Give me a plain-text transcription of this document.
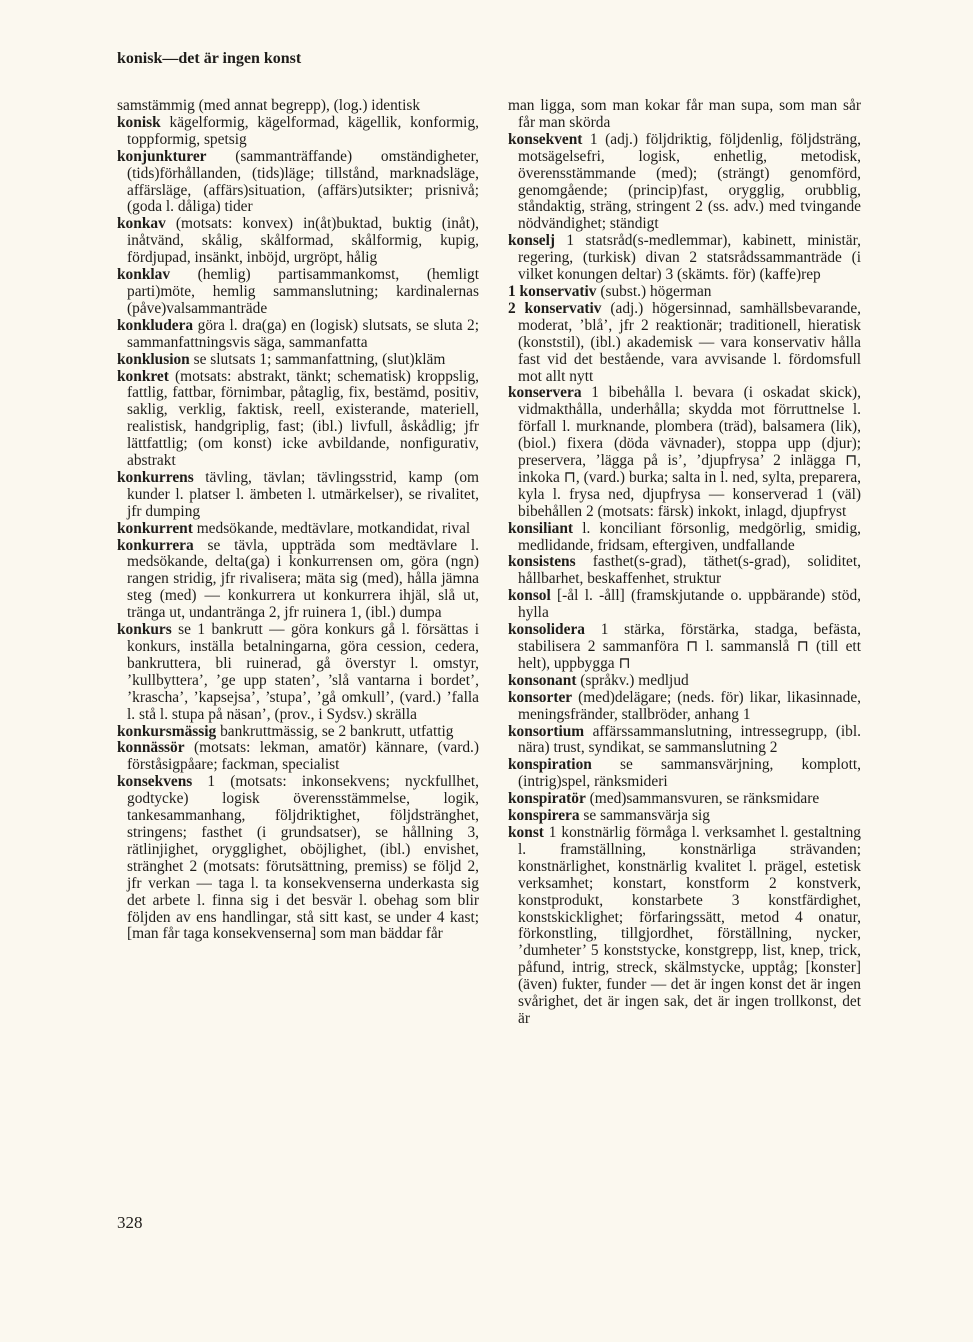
konisk—det är ingen konst

samstämmig (med annat begrepp), (log.) identisk

konisk kägelformig, kägelformad, kägellik, konformig, toppformig, spetsig

konjunkturer (sammanträffande) omständigheter, (tids)förhållanden, (tids)läge; tillstånd, marknadsläge, affärsläge, (affärs)situation, (affärs)utsikter; prisnivå; (goda l. dåliga) tider

konkav (motsats: konvex) in(åt)buktad, buktig (inåt), inåtvänd, skålig, skålformad, skålformig, kupig, fördjupad, insänkt, inböjd, urgröpt, hålig

konklav (hemlig) partisammankomst, (hemligt parti)möte, hemlig sammanslutning; kardinalernas (påve)valsammanträde

konkludera göra l. dra(ga) en (logisk) slutsats, se sluta 2; sammanfattningsvis säga, sammanfatta

konklusion se slutsats 1; sammanfattning, (slut)kläm

konkret (motsats: abstrakt, tänkt; schematisk) kroppslig, fattlig, fattbar, förnimbar, påtaglig, fix, bestämd, positiv, saklig, verklig, faktisk, reell, existerande, materiell, realistisk, handgriplig, fast; (ibl.) livfull, åskådlig; jfr lättfattlig; (om konst) icke avbildande, nonfigurativ, abstrakt

konkurrens tävling, tävlan; tävlingsstrid, kamp (om kunder l. platser l. ämbeten l. utmärkelser), se rivalitet, jfr dumping

konkurrent medsökande, medtävlare, motkandidat, rival

konkurrera se tävla, uppträda som medtävlare l. medsökande, delta(ga) i konkurrensen om, göra (ngn) rangen stridig, jfr rivalisera; mäta sig (med), hålla jämna steg (med) — konkurrera ut konkurrera ihjäl, slå ut, tränga ut, undantränga 2, jfr ruinera 1, (ibl.) dumpa

konkurs se 1 bankrutt — göra konkurs gå l. försättas i konkurs, inställa betalningarna, göra cession, cedera, bankruttera, bli ruinerad, gå överstyr l. omstyr, ’kullbyttera’, ’ge upp staten’, ’slå vantarna i bordet’, ’krascha’, ’kapsejsa’, ’stupa’, ’gå omkull’, (vard.) ’falla l. stå l. stupa på näsan’, (prov., i Sydsv.) skrälla

konkursmässig bankruttmässig, se 2 bankrutt, utfattig

konnässör (motsats: lekman, amatör) kännare, (vard.) förståsigpåare; fackman, specialist

konsekvens 1 (motsats: inkonsekvens; nyckfullhet, godtycke) logisk överensstämmelse, logik, tankesammanhang, följdriktighet, följdstränghet, stringens; fasthet (i grundsatser), se hållning 3, rätlinjighet, orygglighet, oböjlighet, (ibl.) envishet, stränghet 2 (motsats: förutsättning, premiss) se följd 2, jfr verkan — taga l. ta konsekvenserna underkasta sig det arbete l. finna sig i det besvär l. obehag som blir följden av ens handlingar, stå sitt kast, se under 4 kast; [man får taga konsekvenserna] som man bäddar får

man ligga, som man kokar får man supa, som man sår får man skörda

konsekvent 1 (adj.) följdriktig, följdenlig, följdsträng, motsägelsefri, logisk, enhetlig, metodisk, överensstämmande (med); (strängt) genomförd, genomgående; (princip)fast, orygglig, orubblig, ståndaktig, sträng, stringent 2 (ss. adv.) med tvingande nödvändighet; ständigt

konselj 1 statsråd(s-medlemmar), kabinett, ministär, regering, (turkisk) divan 2 statsrådssammanträde (i vilket konungen deltar) 3 (skämts. för) (kaffe)rep

1 konservativ (subst.) högerman

2 konservativ (adj.) högersinnad, samhällsbevarande, moderat, ’blå’, jfr 2 reaktionär; traditionell, hieratisk (konststil), (ibl.) akademisk — vara konservativ hålla fast vid det bestående, vara avvisande l. fördomsfull mot allt nytt

konservera 1 bibehålla l. bevara (i oskadat skick), vidmakthålla, underhålla; skydda mot förruttnelse l. förfall l. murknande, plombera (träd), balsamera (lik), (biol.) fixera (döda vävnader), stoppa upp (djur); preservera, ’lägga på is’, ’djupfrysa’ 2 inlägga ⊓, inkoka ⊓, (vard.) burka; salta in l. ned, sylta, preparera, kyla l. frysa ned, djupfrysa — konserverad 1 (väl) bibehållen 2 (motsats: färsk) inkokt, inlagd, djupfryst

konsiliant l. konciliant försonlig, medgörlig, smidig, medlidande, fridsam, eftergiven, undfallande

konsistens fasthet(s-grad), täthet(s-grad), soliditet, hållbarhet, beskaffenhet, struktur

konsol [-ål l. -åll] (framskjutande o. uppbärande) stöd, hylla

konsolidera 1 stärka, förstärka, stadga, befästa, stabilisera 2 sammanföra ⊓ l. sammanslå ⊓ (till ett helt), uppbygga ⊓

konsonant (språkv.) medljud

konsorter (med)delägare; (neds. för) likar, likasinnade, meningsfränder, stallbröder, anhang 1

konsortium affärssammanslutning, intressegrupp, (ibl. nära) trust, syndikat, se sammanslutning 2

konspiration se sammansvärjning, komplott, (intrig)spel, ränksmideri

konspiratör (med)sammansvuren, se ränksmidare

konspirera se sammansvärja sig

konst 1 konstnärlig förmåga l. verksamhet l. gestaltning l. framställning, konstnärliga strävanden; konstnärlighet, konstnärlig kvalitet l. prägel, estetisk verksamhet; konstart, konstform 2 konstverk, konstprodukt, konstarbete 3 konstfärdighet, konstskicklighet; förfaringssätt, metod 4 onatur, förkonstling, tillgjordhet, förställning, nycker, ’dumheter’ 5 konststycke, konstgrepp, list, knep, trick, påfund, intrig, streck, skälmstycke, upptåg; [konster] (även) fukter, funder — det är ingen konst det är ingen svårighet, det är ingen sak, det är ingen trollkonst, det är

328
